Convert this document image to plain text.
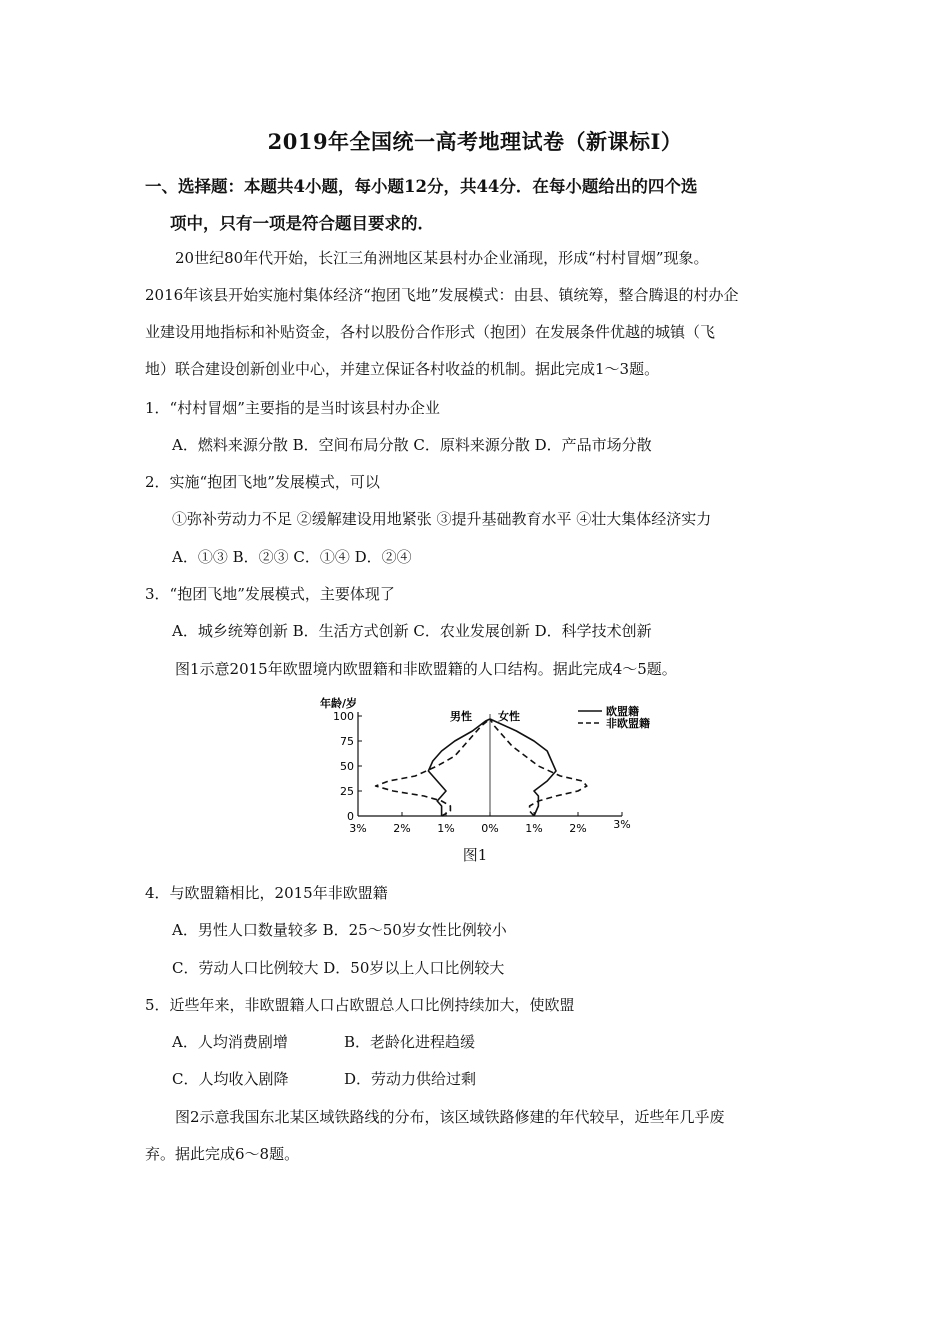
2019年全国统一高考地理试卷（新课标I）
一、选择题：本题共4小题，每小题12分，共44分．在每小题给出的四个选
项中，只有一项是符合题目要求的．
20世纪80年代开始，长江三角洲地区某县村办企业涌现，形成“村村冒烟”现象。
2016年该县开始实施村集体经济“抱团飞地”发展模式：由县、镇统筹，整合腾退的村办企
业建设用地指标和补贴资金，各村以股份合作形式（抱团）在发展条件优越的城镇（飞
地）联合建设创新创业中心，并建立保证各村收益的机制。据此完成1～3题。
1．“村村冒烟”主要指的是当时该县村办企业
A．燃料来源分散 B．空间布局分散 C．原料来源分散 D．产品市场分散
2．实施“抱团飞地”发展模式，可以
①弥补劳动力不足 ②缓解建设用地紧张 ③提升基础教育水平 ④壮大集体经济实力
A．①③ B．②③ C．①④ D．②④
3．“抱团飞地”发展模式，主要体现了
A．城乡统筹创新 B．生活方式创新 C．农业发展创新 D．科学技术创新
图1示意2015年欧盟境内欧盟籍和非欧盟籍的人口结构。据此完成4～5题。
年龄/岁
男性 女性	欧盟籍
非欧盟籍
0
25
50
75
100
3% 2% 1% 0% 1% 2% 3%
图1
4．与欧盟籍相比，2015年非欧盟籍
A．男性人口数量较多 B．25～50岁女性比例较小
C．劳动人口比例较大 D．50岁以上人口比例较大
5．近些年来，非欧盟籍人口占欧盟总人口比例持续加大，使欧盟
A．人均消费剧增	B．老龄化进程趋缓
C．人均收入剧降	D．劳动力供给过剩
图2示意我国东北某区域铁路线的分布，该区域铁路修建的年代较早，近些年几乎废
弃。据此完成6～8题。
